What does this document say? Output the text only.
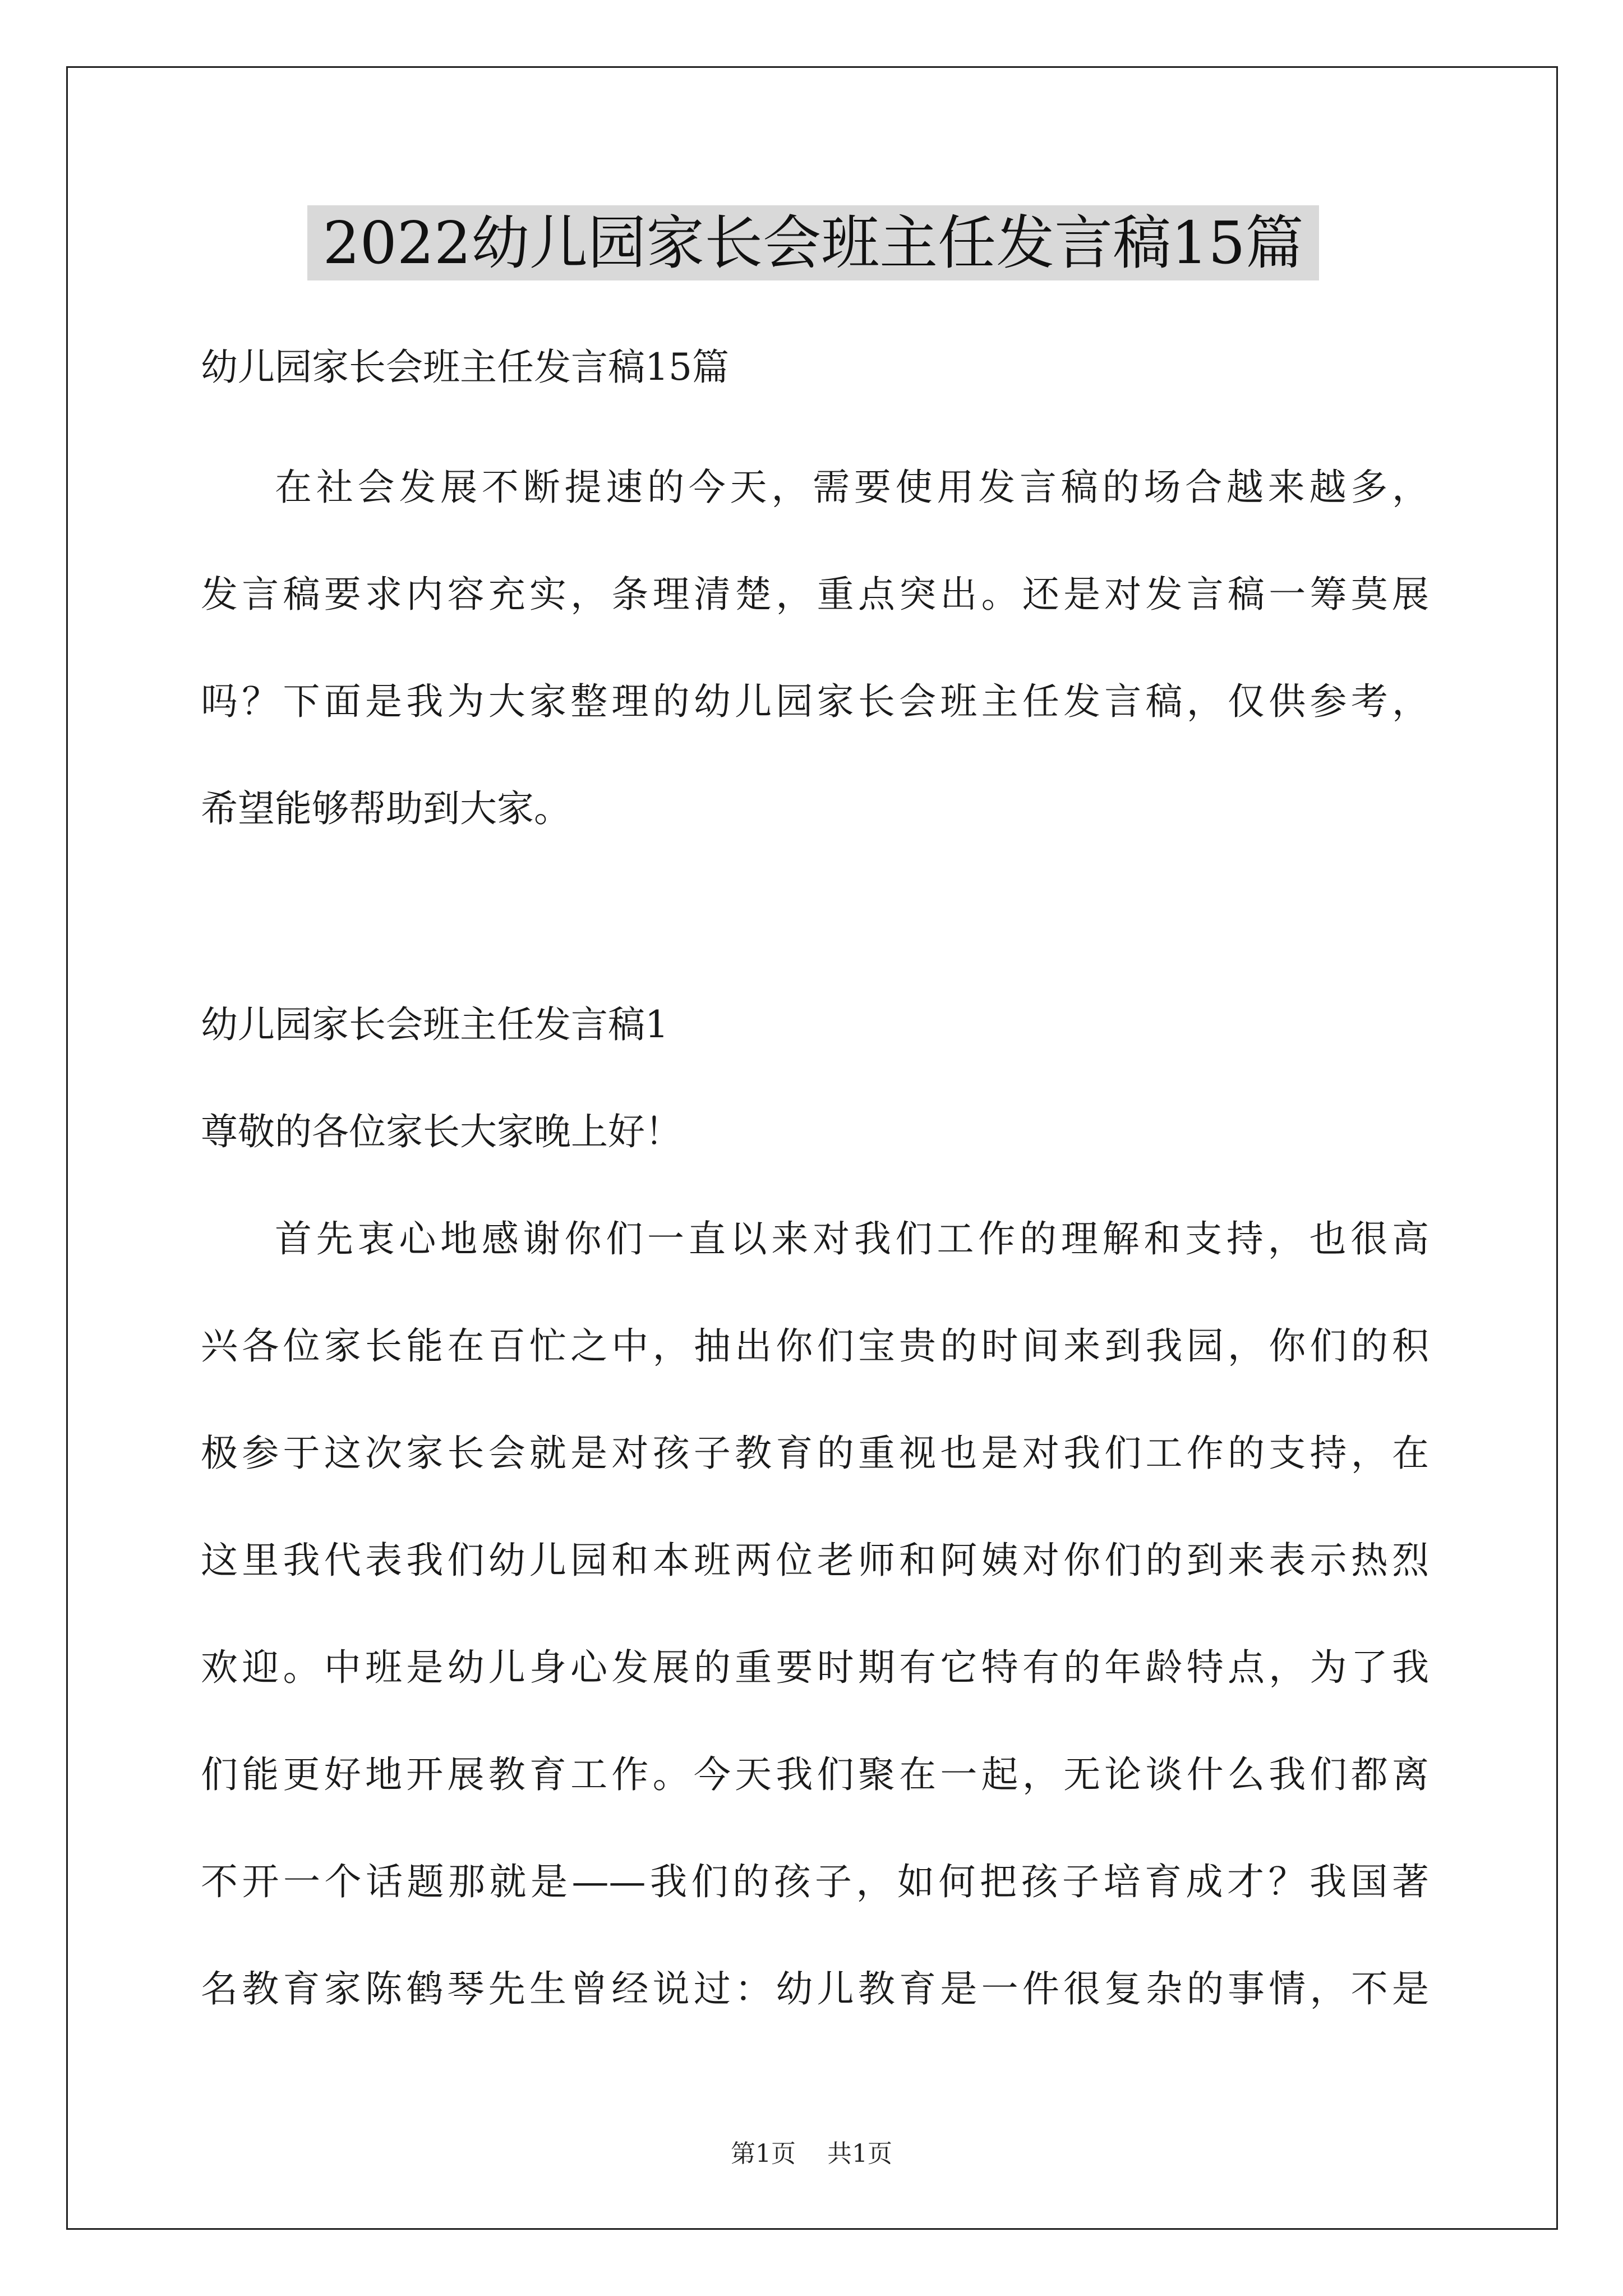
2022幼儿园家长会班主任发言稿15篇
幼儿园家长会班主任发言稿15篇
在社会发展不断提速的今天，需要使用发言稿的场合越来越多，
发言稿要求内容充实，条理清楚，重点突出。还是对发言稿一筹莫展
吗？下面是我为大家整理的幼儿园家长会班主任发言稿，仅供参考，
希望能够帮助到大家。
幼儿园家长会班主任发言稿1
尊敬的各位家长大家晚上好！
首先衷心地感谢你们一直以来对我们工作的理解和支持，也很高
兴各位家长能在百忙之中，抽出你们宝贵的时间来到我园，你们的积
极参于这次家长会就是对孩子教育的重视也是对我们工作的支持，在
这里我代表我们幼儿园和本班两位老师和阿姨对你们的到来表示热烈
欢迎。中班是幼儿身心发展的重要时期有它特有的年龄特点，为了我
们能更好地开展教育工作。今天我们聚在一起，无论谈什么我们都离
不开一个话题那就是——我们的孩子，如何把孩子培育成才？我国著
名教育家陈鹤琴先生曾经说过：幼儿教育是一件很复杂的事情，不是
第1页    共1页
